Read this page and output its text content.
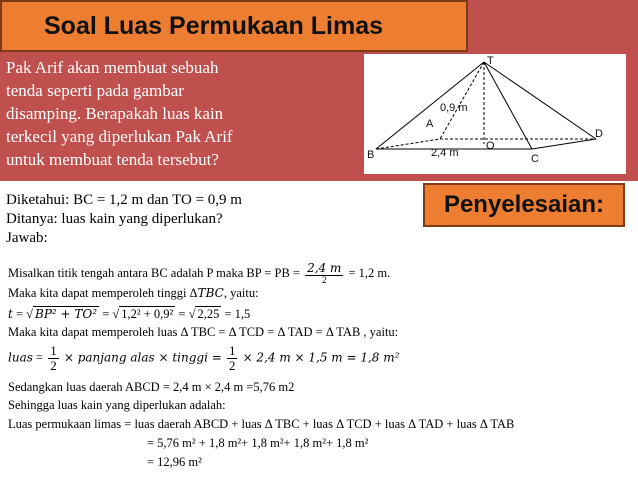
Soal Luas Permukaan Limas
Pak Arif akan membuat sebuah
tenda seperti pada gambar
disamping. Berapakah luas kain
terkecil yang diperlukan Pak Arif
untuk membuat tenda tersebut?
T
A
B	C
D
O
0,9 m
2,4 m
Diketahui: BC = 1,2 m dan TO = 0,9 m
Ditanya: luas kain yang diperlukan?
Jawab:
Penyelesaian:
Misalkan titik tengah antara BC adalah P maka BP = PB = $\frac{2,4 m}{2} = 1,2$ m.
Maka kita dapat memperoleh tinggi ΔTBC, yaitu:
t = √ BP² + TO² = √ 1,2² + 0,9² = √ 2,25 = 1,5
Maka kita dapat memperoleh luas Δ TBC = Δ TCD = Δ TAD = Δ TAB , yaitu:
luas = $\frac{1}{2}$ × panjang alas × tinggi = $\frac{1}{2} \times 2,4$ m × 1,5 m = 1,8 m²
Sedangkan luas daerah ABCD = 2,4 m × 2,4 m =5,76 m2
Sehingga luas kain yang diperlukan adalah:
Luas permukaan limas = luas daerah ABCD + luas Δ TBC + luas Δ TCD + luas Δ TAD + luas Δ TAB
= 5,76 m² + 1,8 m²+ 1,8 m²+ 1,8 m²+ 1,8 m²
= 12,96 m²
